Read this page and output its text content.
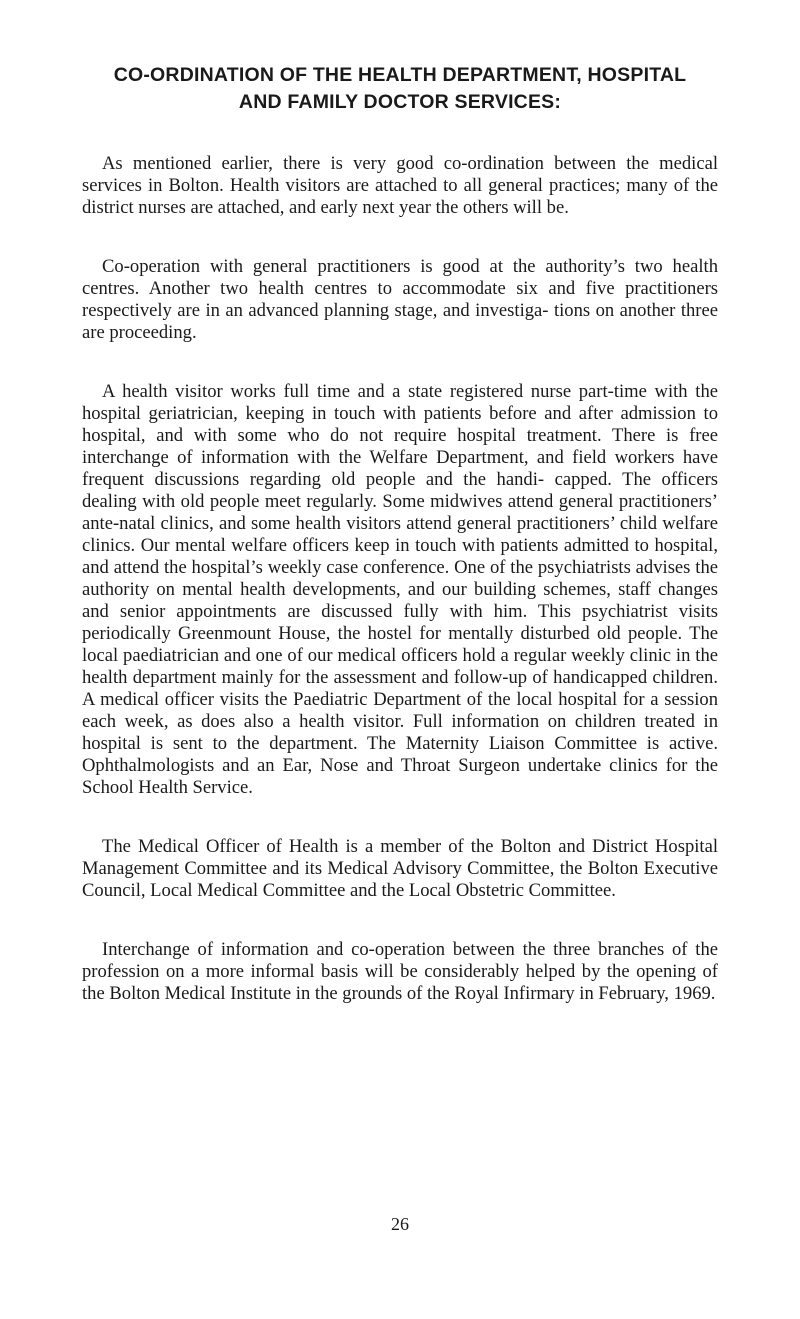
CO-ORDINATION OF THE HEALTH DEPARTMENT, HOSPITAL
AND FAMILY DOCTOR SERVICES:

As mentioned earlier, there is very good co-ordination between the medical services in Bolton. Health visitors are attached to all general practices; many of the district nurses are attached, and early next year the others will be.

Co-operation with general practitioners is good at the authority’s two health centres. Another two health centres to accommodate six and five practitioners respectively are in an advanced planning stage, and investiga- tions on another three are proceeding.

A health visitor works full time and a state registered nurse part-time with the hospital geriatrician, keeping in touch with patients before and after admission to hospital, and with some who do not require hospital treatment. There is free interchange of information with the Welfare Department, and field workers have frequent discussions regarding old people and the handi- capped. The officers dealing with old people meet regularly. Some midwives attend general practitioners’ ante-natal clinics, and some health visitors attend general practitioners’ child welfare clinics. Our mental welfare officers keep in touch with patients admitted to hospital, and attend the hospital’s weekly case conference. One of the psychiatrists advises the authority on mental health developments, and our building schemes, staff changes and senior appointments are discussed fully with him. This psychiatrist visits periodically Greenmount House, the hostel for mentally disturbed old people. The local paediatrician and one of our medical officers hold a regular weekly clinic in the health department mainly for the assessment and follow-up of handicapped children. A medical officer visits the Paediatric Department of the local hospital for a session each week, as does also a health visitor. Full information on children treated in hospital is sent to the department. The Maternity Liaison Committee is active. Ophthalmologists and an Ear, Nose and Throat Surgeon undertake clinics for the School Health Service.

The Medical Officer of Health is a member of the Bolton and District Hospital Management Committee and its Medical Advisory Committee, the Bolton Executive Council, Local Medical Committee and the Local Obstetric Committee.

Interchange of information and co-operation between the three branches of the profession on a more informal basis will be considerably helped by the opening of the Bolton Medical Institute in the grounds of the Royal Infirmary in February, 1969.

26
